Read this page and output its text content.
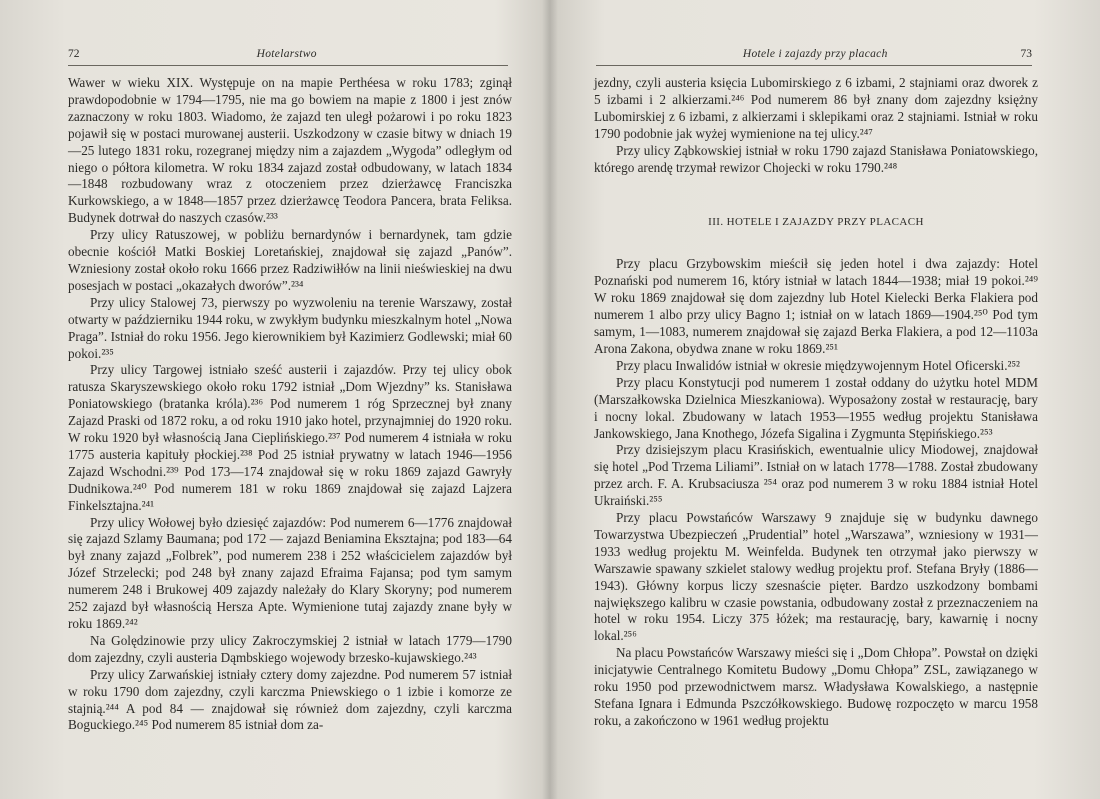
72	Hotelarstwo

Wawer w wieku XIX. Występuje on na mapie Perthéesa w roku 1783; zginął prawdopodobnie w 1794—1795, nie ma go bowiem na mapie z 1800 i jest znów zaznaczony w roku 1803. Wiadomo, że zajazd ten uległ pożarowi i po roku 1823 pojawił się w postaci murowanej austerii. Uszkodzony w czasie bitwy w dniach 19—25 lutego 1831 roku, rozegranej między nim a zajazdem „Wygoda” odległym od niego o półtora kilometra. W roku 1834 zajazd został odbudowany, w latach 1834—1848 rozbudowany wraz z otoczeniem przez dzierżawcę Franciszka Kurkowskiego, a w 1848—1857 przez dzierżawcę Teodora Pancera, brata Feliksa. Budynek dotrwał do naszych czasów.²³³

Przy ulicy Ratuszowej, w pobliżu bernardynów i bernardynek, tam gdzie obecnie kościół Matki Boskiej Loretańskiej, znajdował się zajazd „Panów”. Wzniesiony został około roku 1666 przez Radziwiłłów na linii nieświeskiej na dwu posesjach w postaci „okazałych dworów”.²³⁴

Przy ulicy Stalowej 73, pierwszy po wyzwoleniu na terenie Warszawy, został otwarty w październiku 1944 roku, w zwykłym budynku mieszkalnym hotel „Nowa Praga”. Istniał do roku 1956. Jego kierownikiem był Kazimierz Godlewski; miał 60 pokoi.²³⁵

Przy ulicy Targowej istniało sześć austerii i zajazdów. Przy tej ulicy obok ratusza Skaryszewskiego około roku 1792 istniał „Dom Wjezdny” ks. Stanisława Poniatowskiego (bratanka króla).²³⁶ Pod numerem 1 róg Sprzecznej był znany Zajazd Praski od 1872 roku, a od roku 1910 jako hotel, przynajmniej do 1920 roku. W roku 1920 był własnością Jana Cieplińskiego.²³⁷ Pod numerem 4 istniała w roku 1775 austeria kapituły płockiej.²³⁸ Pod 25 istniał prywatny w latach 1946—1956 Zajazd Wschodni.²³⁹ Pod 173—174 znajdował się w roku 1869 zajazd Gawryły Dudnikowa.²⁴⁰ Pod numerem 181 w roku 1869 znajdował się zajazd Lajzera Finkelsztajna.²⁴¹

Przy ulicy Wołowej było dziesięć zajazdów: Pod numerem 6—1776 znajdował się zajazd Szlamy Baumana; pod 172 — zajazd Beniamina Eksztajna; pod 183—64 był znany zajazd „Folbrek”, pod numerem 238 i 252 właścicielem zajazdów był Józef Strzelecki; pod 248 był znany zajazd Efraima Fajansa; pod tym samym numerem 248 i Brukowej 409 zajazdy należały do Klary Skoryny; pod numerem 252 zajazd był własnością Herszа Apte. Wymienione tutaj zajazdy znane były w roku 1869.²⁴²

Na Golędzinowie przy ulicy Zakroczymskiej 2 istniał w latach 1779—1790 dom zajezdny, czyli austeria Dąmbskiego wojewody brzesko-kujawskiego.²⁴³

Przy ulicy Zarwańskiej istniały cztery domy zajezdne. Pod numerem 57 istniał w roku 1790 dom zajezdny, czyli karczma Pniewskiego o 1 izbie i komorze ze stajnią.²⁴⁴ A pod 84 — znajdował się również dom zajezdny, czyli karczma Boguckiego.²⁴⁵ Pod numerem 85 istniał dom za-

Hotele i zajazdy przy placach	73

jezdny, czyli austeria księcia Lubomirskiego z 6 izbami, 2 stajniami oraz dworek z 5 izbami i 2 alkierzami.²⁴⁶ Pod numerem 86 był znany dom zajezdny księżny Lubomirskiej z 6 izbami, z alkierzami i sklepikami oraz 2 stajniami. Istniał w roku 1790 podobnie jak wyżej wymienione na tej ulicy.²⁴⁷

Przy ulicy Ząbkowskiej istniał w roku 1790 zajazd Stanisława Poniatowskiego, którego arendę trzymał rewizor Chojecki w roku 1790.²⁴⁸

III. HOTELE I ZAJAZDY PRZY PLACACH

Przy placu Grzybowskim mieścił się jeden hotel i dwa zajazdy: Hotel Poznański pod numerem 16, który istniał w latach 1844—1938; miał 19 pokoi.²⁴⁹ W roku 1869 znajdował się dom zajezdny lub Hotel Kielecki Berka Flakiera pod numerem 1 albo przy ulicy Bagno 1; istniał on w latach 1869—1904.²⁵⁰ Pod tym samym, 1—1083, numerem znajdował się zajazd Berka Flakiera, a pod 12—1103a Arona Zakona, obydwa znane w roku 1869.²⁵¹

Przy placu Inwalidów istniał w okresie międzywojennym Hotel Oficerski.²⁵²

Przy placu Konstytucji pod numerem 1 został oddany do użytku hotel MDM (Marszałkowska Dzielnica Mieszkaniowa). Wyposażony został w restaurację, bary i nocny lokal. Zbudowany w latach 1953—1955 według projektu Stanisława Jankowskiego, Jana Knothego, Józefa Sigalina i Zygmunta Stępińskiego.²⁵³

Przy dzisiejszym placu Krasińskich, ewentualnie ulicy Miodowej, znajdował się hotel „Pod Trzema Liliami”. Istniał on w latach 1778—1788. Został zbudowany przez arch. F. A. Krubsaciusza ²⁵⁴ oraz pod numerem 3 w roku 1884 istniał Hotel Ukraiński.²⁵⁵

Przy placu Powstańców Warszawy 9 znajduje się w budynku dawnego Towarzystwa Ubezpieczeń „Prudential” hotel „Warszawa”, wzniesiony w 1931—1933 według projektu M. Weinfelda. Budynek ten otrzymał jako pierwszy w Warszawie spawany szkielet stalowy według projektu prof. Stefana Bryły (1886—1943). Główny korpus liczy szesnaście pięter. Bardzo uszkodzony bombami największego kalibru w czasie powstania, odbudowany został z przeznaczeniem na hotel w roku 1954. Liczy 375 łóżek; ma restaurację, bary, kawarnię i nocny lokal.²⁵⁶

Na placu Powstańców Warszawy mieści się i „Dom Chłopa”. Powstał on dzięki inicjatywie Centralnego Komitetu Budowy „Domu Chłopa” ZSL, zawiązanego w roku 1950 pod przewodnictwem marsz. Władysława Kowalskiego, a następnie Stefana Ignara i Edmunda Pszczółkowskiego. Budowę rozpoczęto w marcu 1958 roku, a zakończono w 1961 według projektu
